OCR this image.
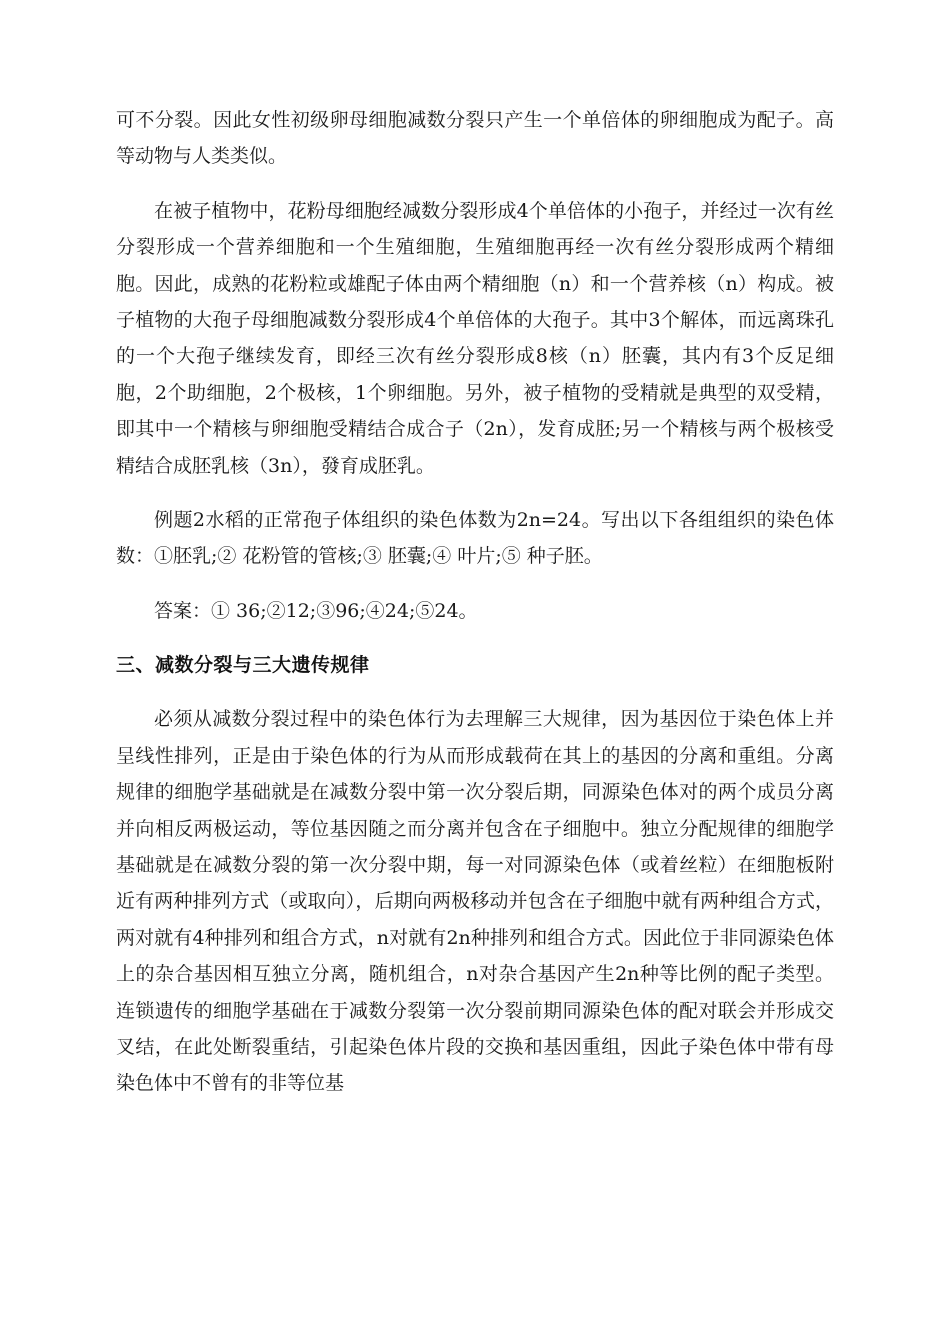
可不分裂。因此女性初级卵母细胞减数分裂只产生一个单倍体的卵细胞成为配子。高等动物与人类类似。

在被子植物中，花粉母细胞经减数分裂形成4个单倍体的小孢子，并经过一次有丝分裂形成一个营养细胞和一个生殖细胞，生殖细胞再经一次有丝分裂形成两个精细胞。因此，成熟的花粉粒或雄配子体由两个精细胞（n）和一个营养核（n）构成。被子植物的大孢子母细胞减数分裂形成4个单倍体的大孢子。其中3个解体，而远离珠孔的一个大孢子继续发育，即经三次有丝分裂形成8核（n）胚囊，其内有3个反足细胞，2个助细胞，2个极核，1个卵细胞。另外，被子植物的受精就是典型的双受精，即其中一个精核与卵细胞受精结合成合子（2n），发育成胚;另一个精核与两个极核受精结合成胚乳核（3n），發育成胚乳。

例题2水稻的正常孢子体组织的染色体数为2n=24。写出以下各组组织的染色体数：①胚乳;② 花粉管的管核;③ 胚囊;④ 叶片;⑤ 种子胚。

答案：① 36;②12;③96;④24;⑤24。

三、减数分裂与三大遗传规律

必须从减数分裂过程中的染色体行为去理解三大规律，因为基因位于染色体上并呈线性排列，正是由于染色体的行为从而形成载荷在其上的基因的分离和重组。分离规律的细胞学基础就是在减数分裂中第一次分裂后期，同源染色体对的两个成员分离并向相反两极运动，等位基因随之而分离并包含在子细胞中。独立分配规律的细胞学基础就是在减数分裂的第一次分裂中期，每一对同源染色体（或着丝粒）在细胞板附近有两种排列方式（或取向），后期向两极移动并包含在子细胞中就有两种组合方式，两对就有4种排列和组合方式，n对就有2n种排列和组合方式。因此位于非同源染色体上的杂合基因相互独立分离，随机组合，n对杂合基因产生2n种等比例的配子类型。连锁遗传的细胞学基础在于减数分裂第一次分裂前期同源染色体的配对联会并形成交叉结，在此处断裂重结，引起染色体片段的交换和基因重组，因此子染色体中带有母染色体中不曾有的非等位基
